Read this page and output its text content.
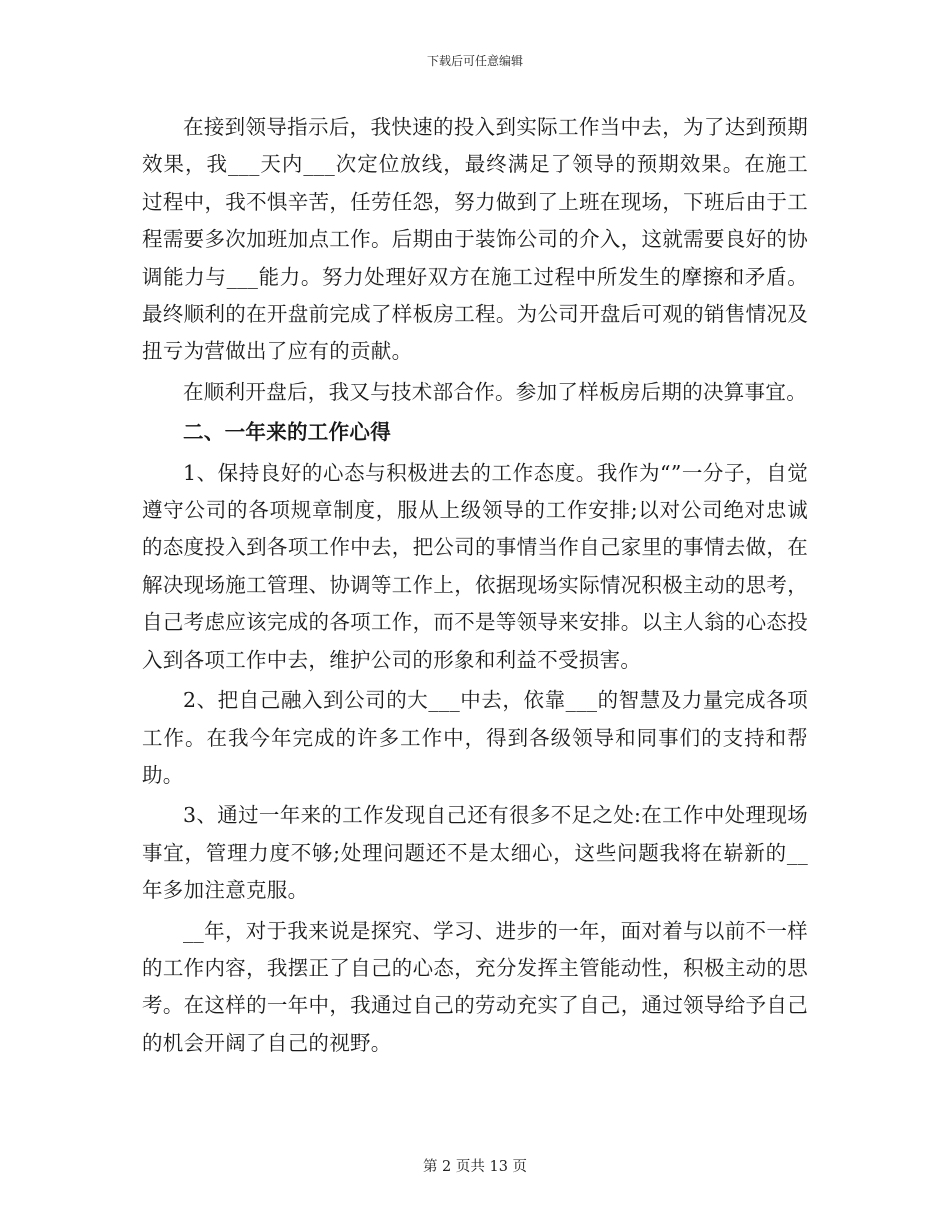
下载后可任意编辑

在接到领导指示后，我快速的投入到实际工作当中去，为了达到预期效果，我___天内___次定位放线，最终满足了领导的预期效果。在施工过程中，我不惧辛苦，任劳任怨，努力做到了上班在现场，下班后由于工程需要多次加班加点工作。后期由于装饰公司的介入，这就需要良好的协调能力与___能力。努力处理好双方在施工过程中所发生的摩擦和矛盾。最终顺利的在开盘前完成了样板房工程。为公司开盘后可观的销售情况及扭亏为营做出了应有的贡献。

在顺利开盘后，我又与技术部合作。参加了样板房后期的决算事宜。

二、一年来的工作心得

1、保持良好的心态与积极进去的工作态度。我作为“”一分子，自觉遵守公司的各项规章制度，服从上级领导的工作安排;以对公司绝对忠诚的态度投入到各项工作中去，把公司的事情当作自己家里的事情去做，在解决现场施工管理、协调等工作上，依据现场实际情况积极主动的思考，自己考虑应该完成的各项工作，而不是等领导来安排。以主人翁的心态投入到各项工作中去，维护公司的形象和利益不受损害。

2、把自己融入到公司的大___中去，依靠___的智慧及力量完成各项工作。在我今年完成的许多工作中，得到各级领导和同事们的支持和帮助。

3、通过一年来的工作发现自己还有很多不足之处:在工作中处理现场事宜，管理力度不够;处理问题还不是太细心，这些问题我将在崭新的__年多加注意克服。

__年，对于我来说是探究、学习、进步的一年，面对着与以前不一样的工作内容，我摆正了自己的心态，充分发挥主管能动性，积极主动的思考。在这样的一年中，我通过自己的劳动充实了自己，通过领导给予自己的机会开阔了自己的视野。

第 2 页共 13 页
